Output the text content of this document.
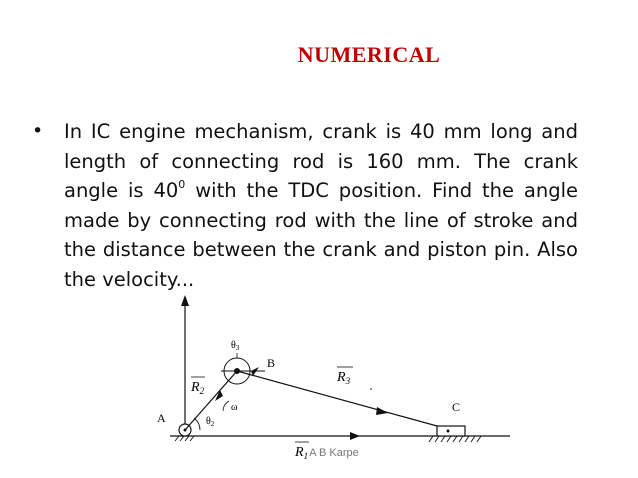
NUMERICAL
• In IC engine mechanism, crank is 40 mm long and length of connecting rod is 160 mm. The crank angle is $40^0$ with the TDC position. Find the angle made by connecting rod with the line of stroke and the distance between the crank and piston pin. Also the velocity...
A
B
C
$R_2$
$R_3$
$R_1$
$\theta_2$
$\theta_3$
ω
A B Karpe
